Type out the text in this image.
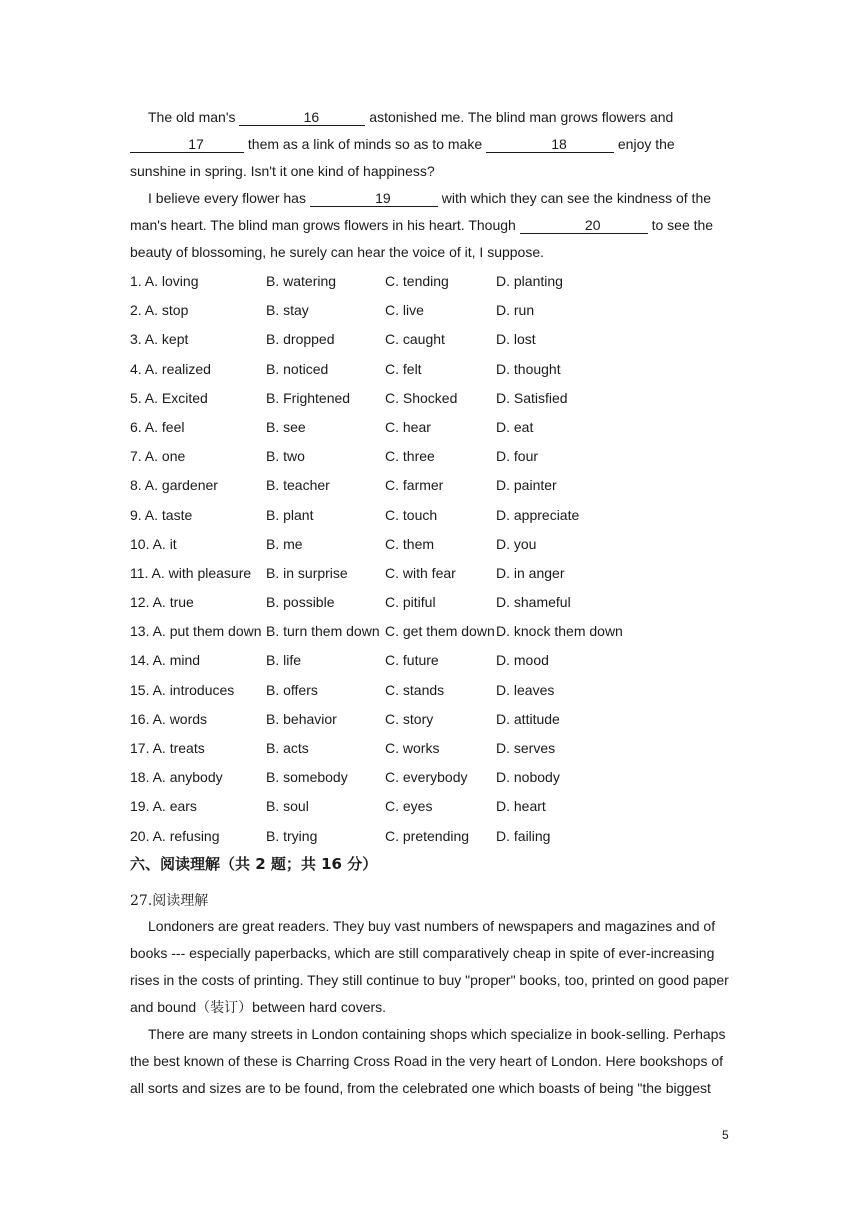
The old man's	16	astonished me. The blind man grows flowers and 17	them as a link of minds so as to make	18	enjoy the sunshine in spring. Isn't it one kind of happiness?

I believe every flower has	19	with which they can see the kindness of the man's heart. The blind man grows flowers in his heart. Though	20	to see the beauty of blossoming, he surely can hear the voice of it, I suppose.

1. A. loving	B. watering	C. tending	D. planting
2. A. stop	B. stay	C. live	D. run
3. A. kept	B. dropped	C. caught	D. lost
4. A. realized	B. noticed	C. felt	D. thought
5. A. Excited	B. Frightened C. Shocked	D. Satisfied
6. A. feel	B. see	C. hear	D. eat
7. A. one	B. two	C. three	D. four
8. A. gardener	B. teacher	C. farmer	D. painter
9. A. taste	B. plant	C. touch	D. appreciate
10. A. it	B. me	C. them	D. you
11. A. with pleasure B. in surprise	C. with fear	D. in anger
12. A. true	B. possible	C. pitiful	D. shameful
13. A. put them down B. turn them down C. get them down D. knock them down
14. A. mind	B. life	C. future	D. mood
15. A. introduces B. offers	C. stands	D. leaves
16. A. words	B. behavior	C. story	D. attitude
17. A. treats	B. acts	C. works	D. serves
18. A. anybody	B. somebody	C. everybody D. nobody
19. A. ears	B. soul	C. eyes	D. heart
20. A. refusing	B. trying	C. pretending D. failing

六、阅读理解（共 2 题；共 16 分）

27.阅读理解

Londoners are great readers. They buy vast numbers of newspapers and magazines and of books --- especially paperbacks, which are still comparatively cheap in spite of ever-increasing rises in the costs of printing. They still continue to buy "proper" books, too, printed on good paper and bound（装订）between hard covers.

There are many streets in London containing shops which specialize in book-selling. Perhaps the best known of these is Charring Cross Road in the very heart of London. Here bookshops of all sorts and sizes are to be found, from the celebrated one which boasts of being "the biggest

5
